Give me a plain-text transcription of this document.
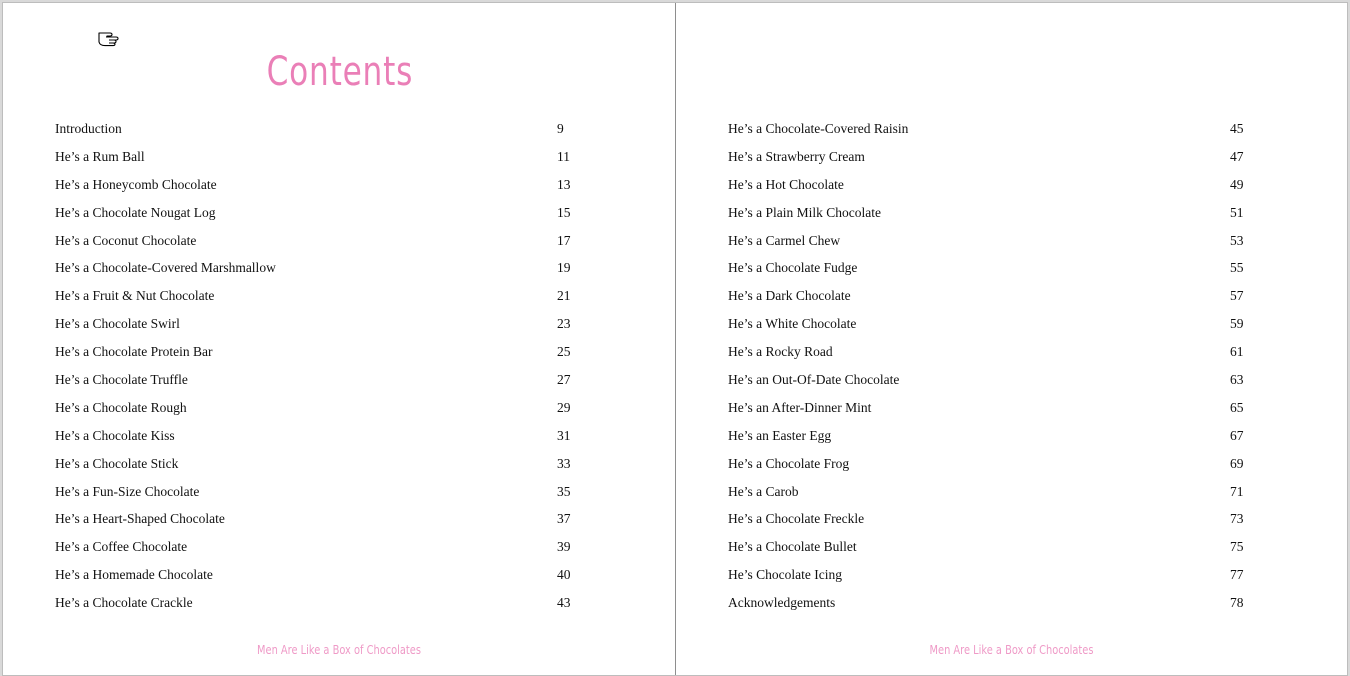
Contents
Introduction	9
He’s a Rum Ball	11
He’s a Honeycomb Chocolate	13
He’s a Chocolate Nougat Log	15
He’s a Coconut Chocolate	17
He’s a Chocolate-Covered Marshmallow	19
He’s a Fruit & Nut Chocolate	21
He’s a Chocolate Swirl	23
He’s a Chocolate Protein Bar	25
He’s a Chocolate Truffle	27
He’s a Chocolate Rough	29
He’s a Chocolate Kiss	31
He’s a Chocolate Stick	33
He’s a Fun-Size Chocolate	35
He’s a Heart-Shaped Chocolate	37
He’s a Coffee Chocolate	39
He’s a Homemade Chocolate	40
He’s a Chocolate Crackle	43
Men Are Like a Box of Chocolates
He’s a Chocolate-Covered Raisin	45
He’s a Strawberry Cream	47
He’s a Hot Chocolate	49
He’s a Plain Milk Chocolate	51
He’s a Carmel Chew	53
He’s a Chocolate Fudge	55
He’s a Dark Chocolate	57
He’s a White Chocolate	59
He’s a Rocky Road	61
He’s an Out-Of-Date Chocolate	63
He’s an After-Dinner Mint	65
He’s an Easter Egg	67
He’s a Chocolate Frog	69
He’s a Carob	71
He’s a Chocolate Freckle	73
He’s a Chocolate Bullet	75
He’s Chocolate Icing	77
Acknowledgements	78
Men Are Like a Box of Chocolates
